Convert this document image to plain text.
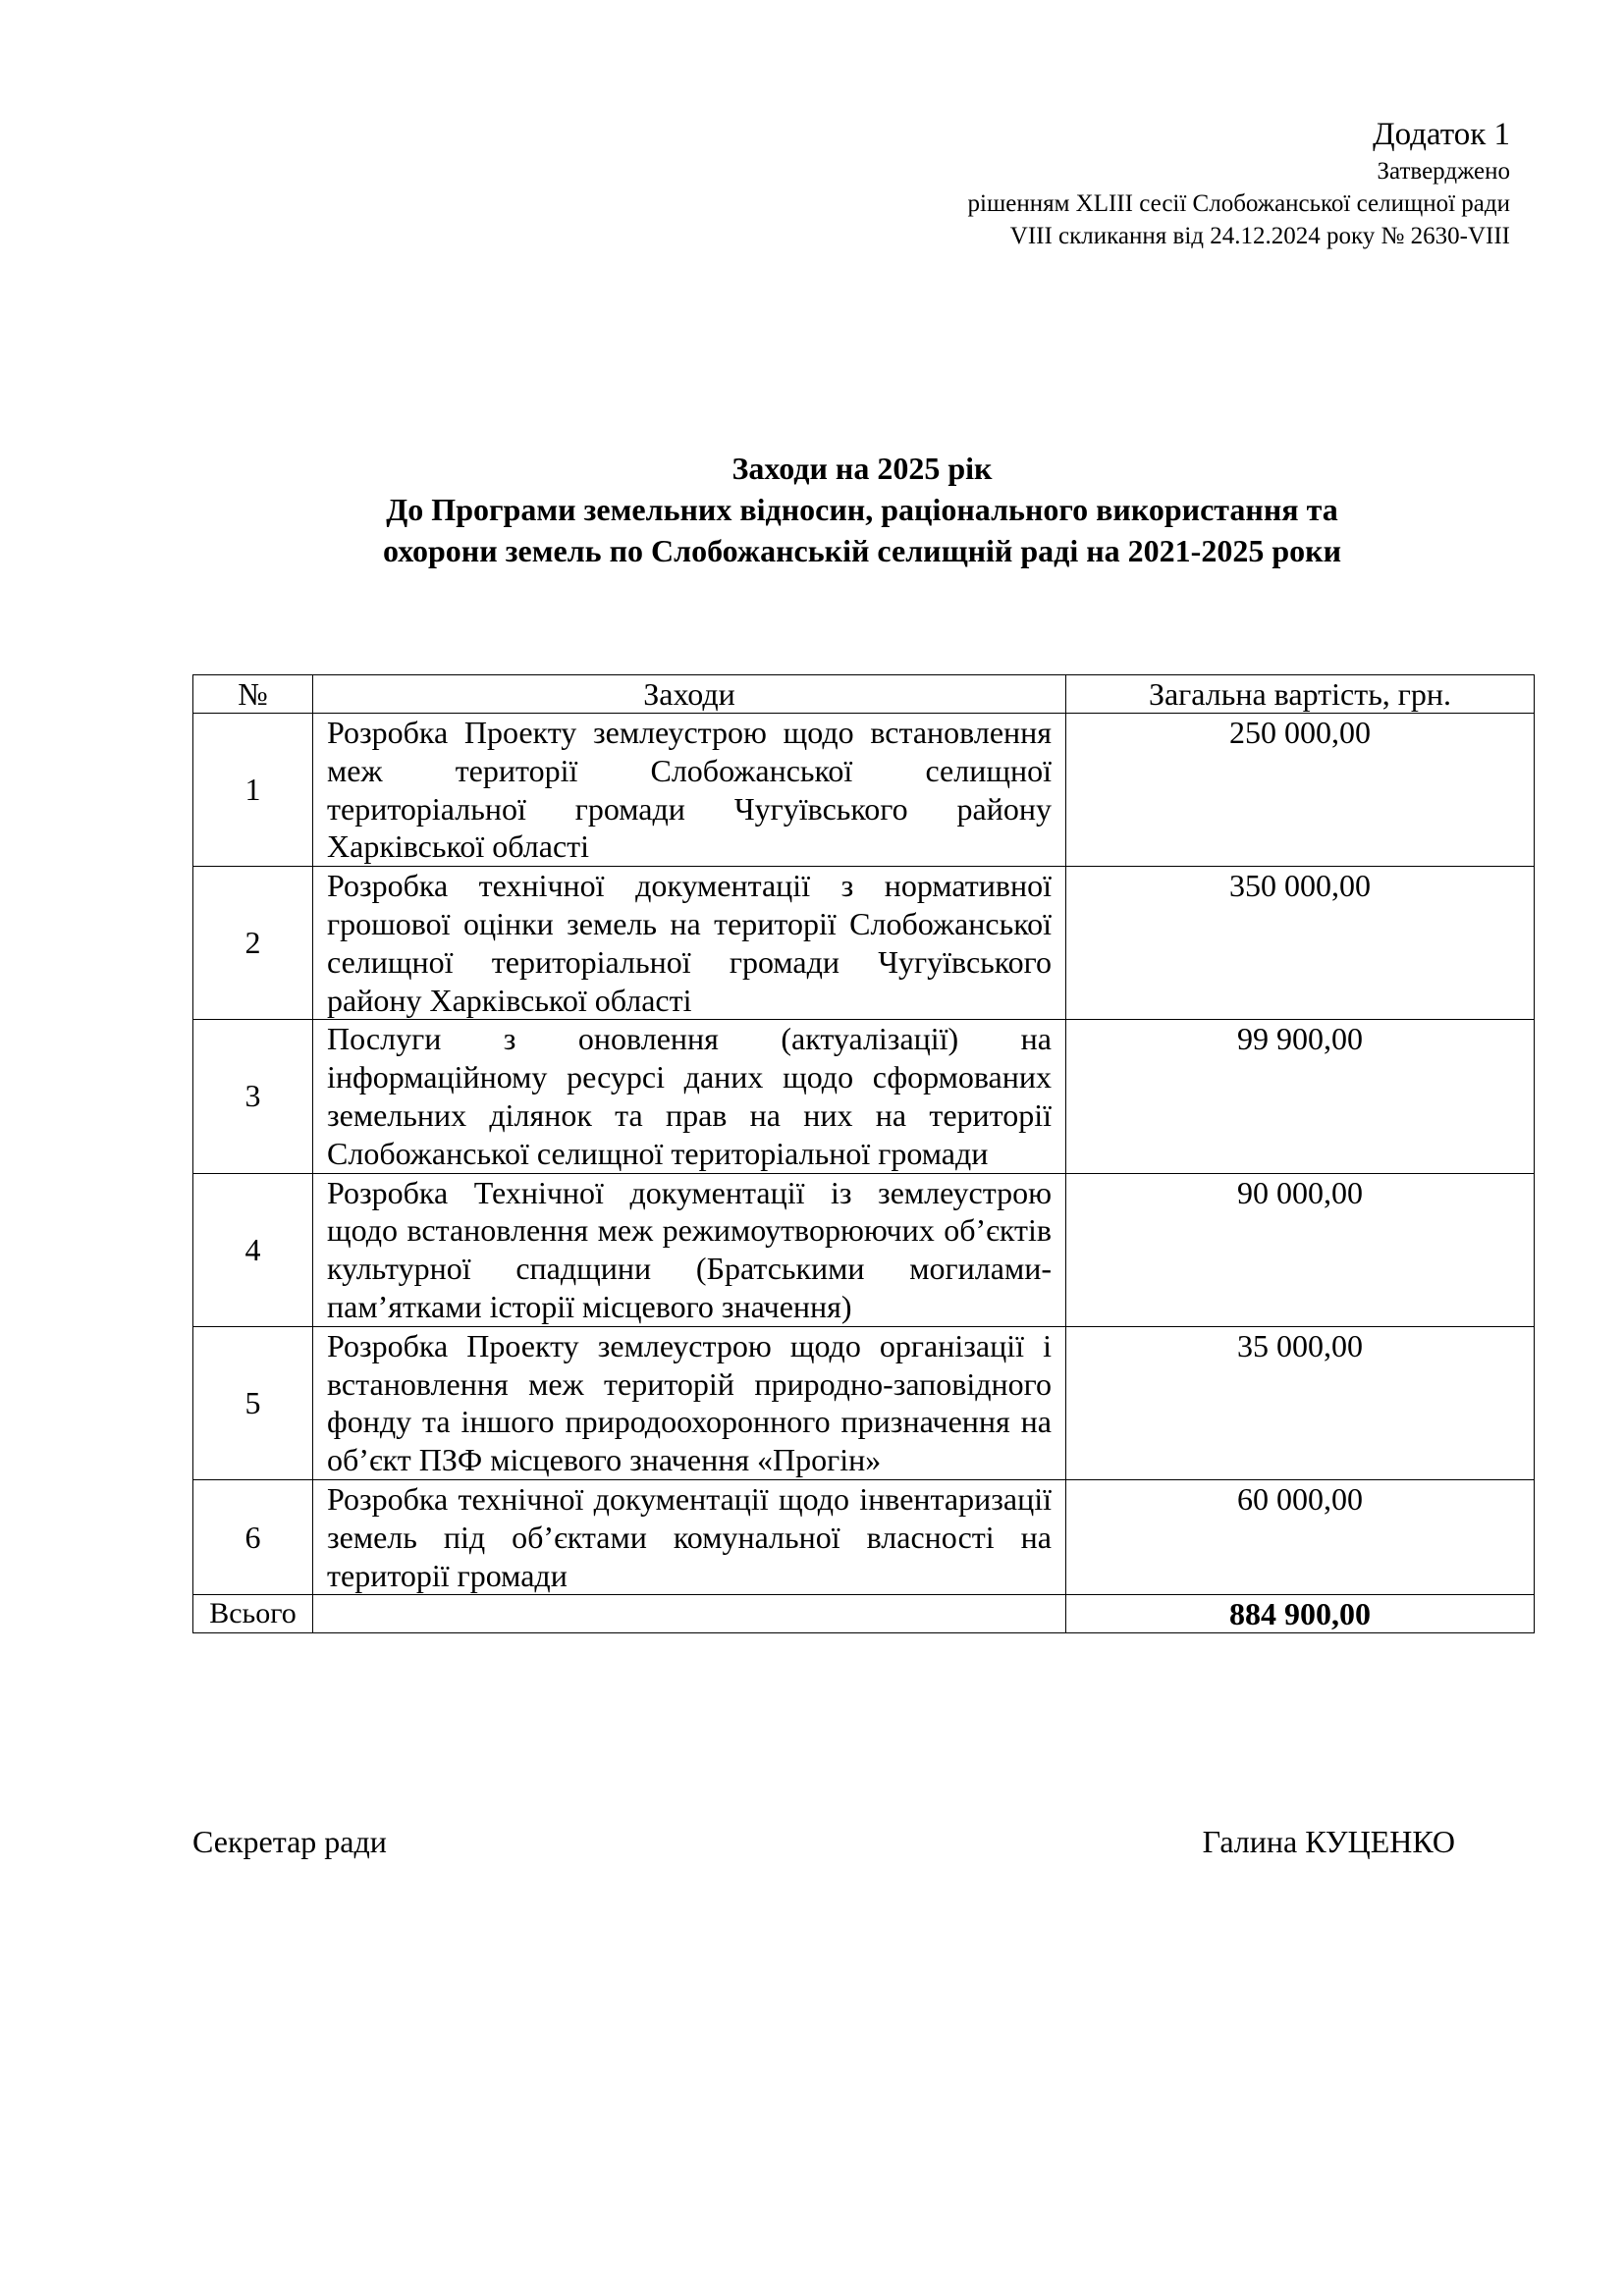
Додаток 1
Затверджено
рішенням XLIII сесії Слобожанської селищної ради
VIII скликання від 24.12.2024 року № 2630-VIII
Заходи на 2025 рік
До Програми земельних відносин, раціонального використання та
охорони земель по Слобожанській селищній раді на 2021-2025 роки
№	Заходи	Загальна вартість, грн.
1	Розробка Проекту землеустрою щодо встановлення меж території Слобожанської селищної територіальної громади Чугуївського району Харківської області	250 000,00
2	Розробка технічної документації з нормативної грошової оцінки земель на території Слобожанської селищної територіальної громади Чугуївського району Харківської області	350 000,00
3	Послуги з оновлення (актуалізації) на інформаційному ресурсі даних щодо сформованих земельних ділянок та прав на них на території Слобожанської селищної територіальної громади	99 900,00
4	Розробка Технічної документації із землеустрою щодо встановлення меж режимоутворюючих об’єктів культурної спадщини (Братськими могилами- пам’ятками історії місцевого значення)	90 000,00
5	Розробка Проекту землеустрою щодо організації і встановлення меж територій природно-заповідного фонду та іншого природоохоронного призначення на об’єкт ПЗФ місцевого значення «Прогін»	35 000,00
6	Розробка технічної документації щодо інвентаризації земель під об’єктами комунальної власності на території громади	60 000,00
Всього		884 900,00
Секретар ради	Галина КУЦЕНКО
